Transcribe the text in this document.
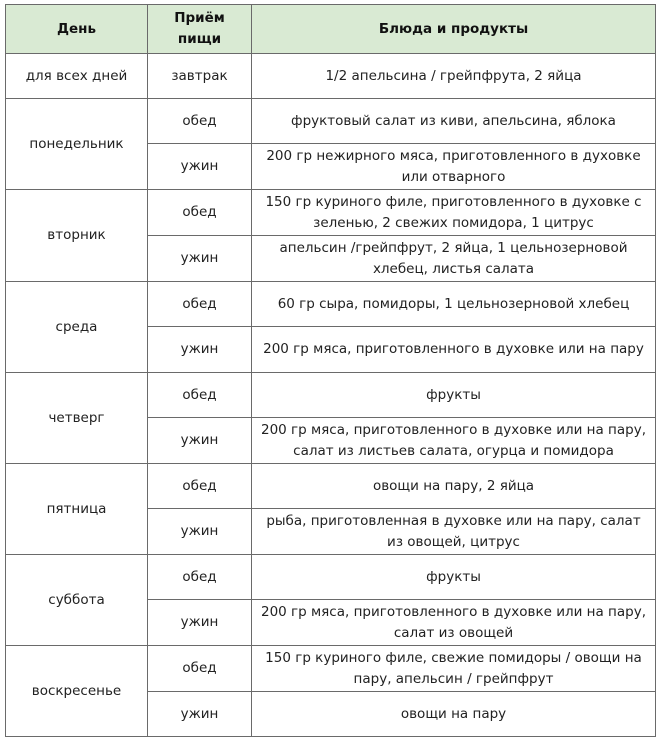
День	Приём пищи	Блюда и продукты
для всех дней	завтрак	1/2 апельсина / грейпфрута, 2 яйца
понедельник	обед	фруктовый салат из киви, апельсина, яблока
	ужин	200 гр нежирного мяса, приготовленного в духовке или отварного
вторник	обед	150 гр куриного филе, приготовленного в духовке с зеленью, 2 свежих помидора, 1 цитрус
	ужин	апельсин /грейпфрут, 2 яйца, 1 цельнозерновой хлебец, листья салата
среда	обед	60 гр сыра, помидоры, 1 цельнозерновой хлебец
	ужин	200 гр мяса, приготовленного в духовке или на пару
четверг	обед	фрукты
	ужин	200 гр мяса, приготовленного в духовке или на пару, салат из листьев салата, огурца и помидора
пятница	обед	овощи на пару, 2 яйца
	ужин	рыба, приготовленная в духовке или на пару, салат из овощей, цитрус
суббота	обед	фрукты
	ужин	200 гр мяса, приготовленного в духовке или на пару, салат из овощей
воскресенье	обед	150 гр куриного филе, свежие помидоры / овощи на пару, апельсин / грейпфрут
	ужин	овощи на пару
